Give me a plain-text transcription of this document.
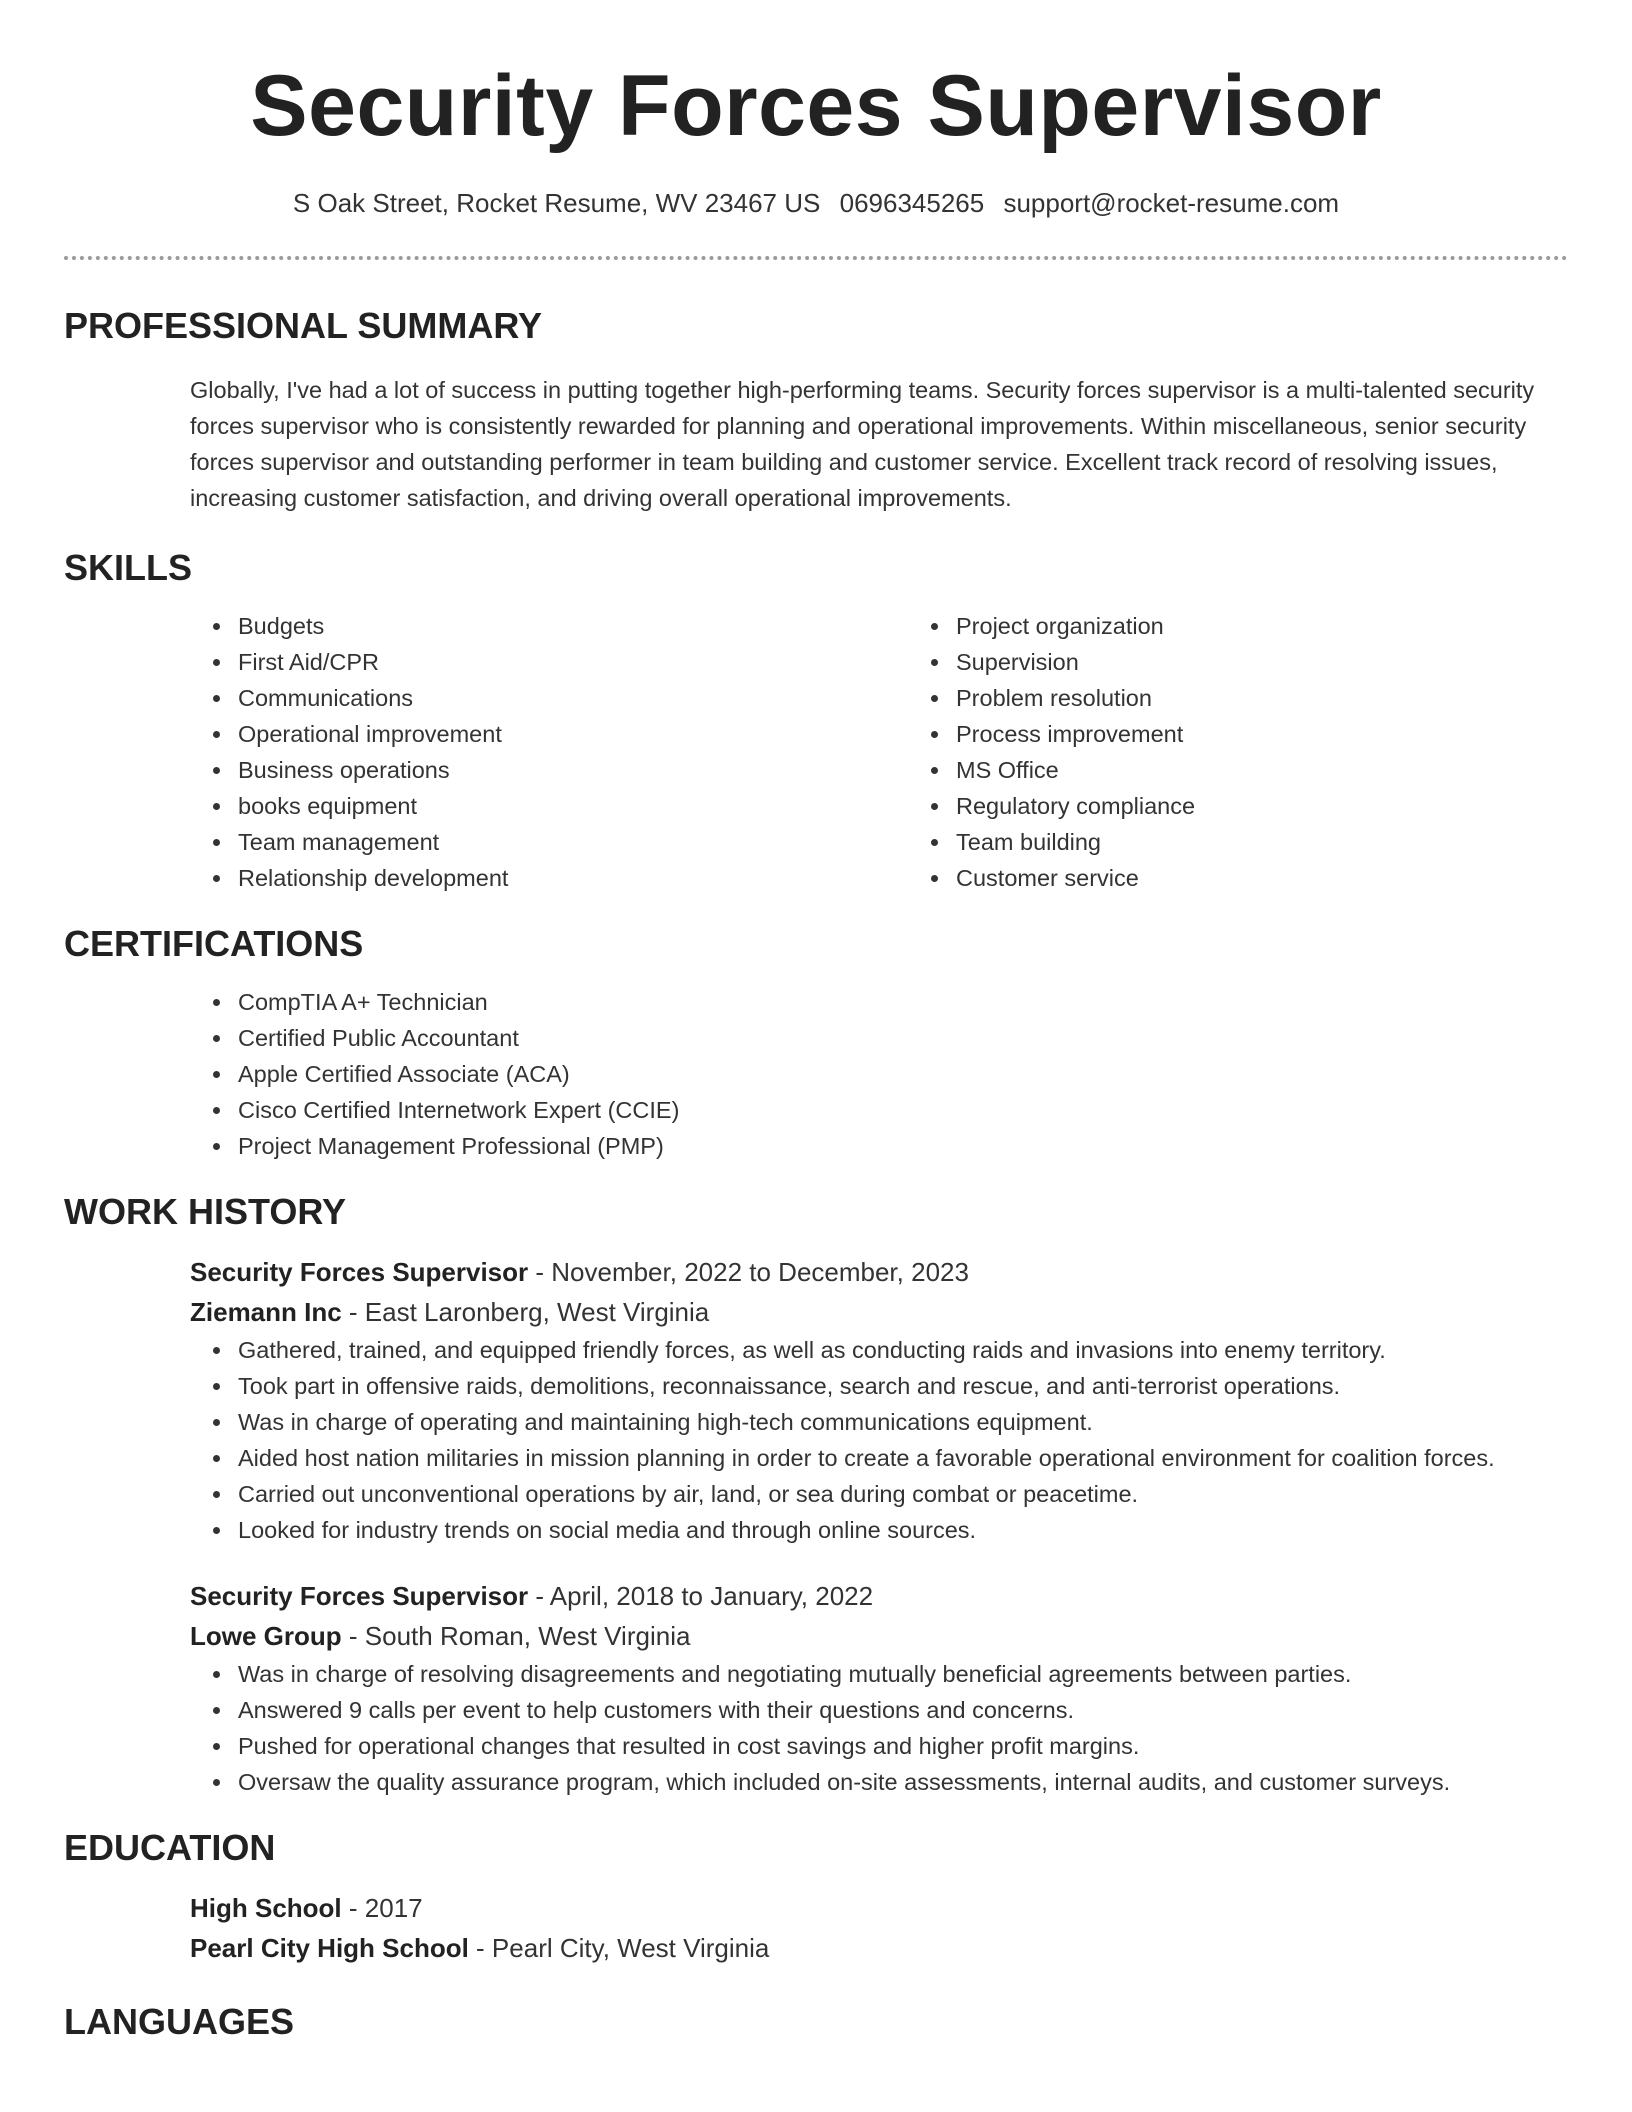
Security Forces Supervisor
S Oak Street, Rocket Resume, WV 23467 US 0696345265 support@rocket-resume.com
PROFESSIONAL SUMMARY

Globally, I've had a lot of success in putting together high-performing teams. Security forces supervisor is a multi-talented security forces supervisor who is consistently rewarded for planning and operational improvements. Within miscellaneous, senior security forces supervisor and outstanding performer in team building and customer service. Excellent track record of resolving issues, increasing customer satisfaction, and driving overall operational improvements.

SKILLS
• Budgets
• First Aid/CPR
• Communications
• Operational improvement
• Business operations
• books equipment
• Team management
• Relationship development
• Project organization
• Supervision
• Problem resolution
• Process improvement
• MS Office
• Regulatory compliance
• Team building
• Customer service
CERTIFICATIONS
• CompTIA A+ Technician
• Certified Public Accountant
• Apple Certified Associate (ACA)
• Cisco Certified Internetwork Expert (CCIE)
• Project Management Professional (PMP)
WORK HISTORY
Security Forces Supervisor - November, 2022 to December, 2023
Ziemann Inc - East Laronberg, West Virginia
• Gathered, trained, and equipped friendly forces, as well as conducting raids and invasions into enemy territory.
• Took part in offensive raids, demolitions, reconnaissance, search and rescue, and anti-terrorist operations.
• Was in charge of operating and maintaining high-tech communications equipment.
• Aided host nation militaries in mission planning in order to create a favorable operational environment for coalition forces.
• Carried out unconventional operations by air, land, or sea during combat or peacetime.
• Looked for industry trends on social media and through online sources.
Security Forces Supervisor - April, 2018 to January, 2022
Lowe Group - South Roman, West Virginia
• Was in charge of resolving disagreements and negotiating mutually beneficial agreements between parties.
• Answered 9 calls per event to help customers with their questions and concerns.
• Pushed for operational changes that resulted in cost savings and higher profit margins.
• Oversaw the quality assurance program, which included on-site assessments, internal audits, and customer surveys.
EDUCATION
High School - 2017
Pearl City High School - Pearl City, West Virginia
LANGUAGES
